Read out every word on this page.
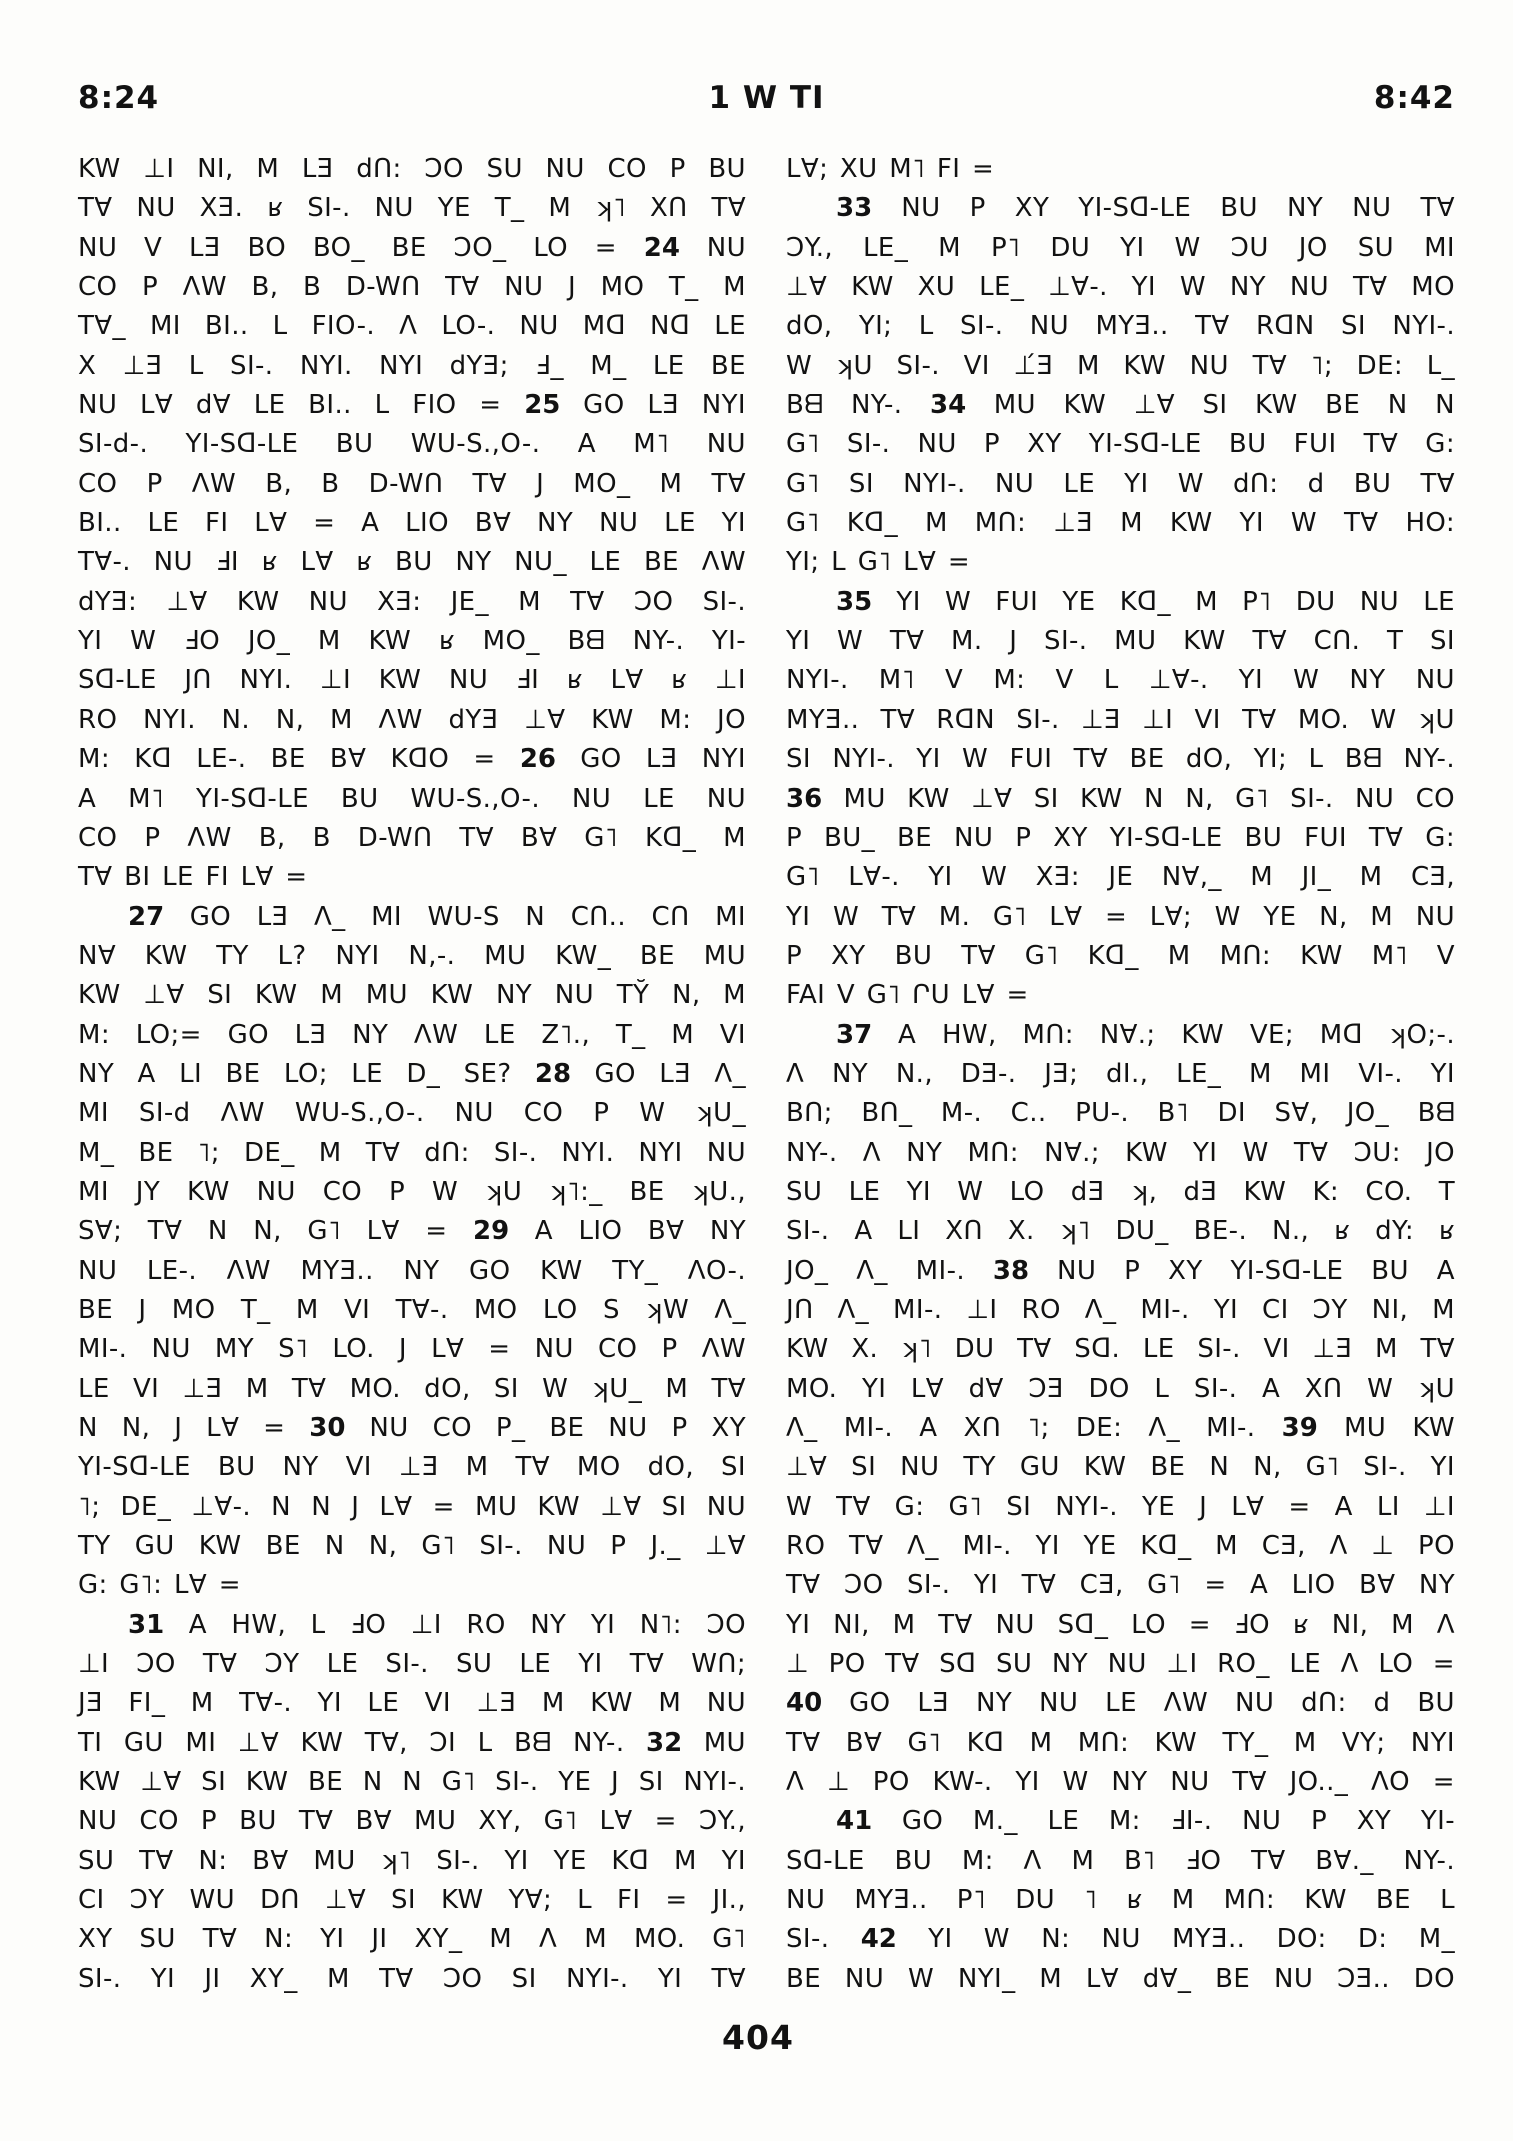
8:24	1 W TI	8:42
KW ⊥I NI, M LƎ dՈ: ƆO SU NU CO P BU
T∀ NU XƎ. ʁ SI-. NU YE T_ M ʞ˥ XՈ T∀
NU V LƎ BO BO_ BE ƆO_ LO = 24 NU
CO P ΛW B, B D-WՈ T∀ NU J MO T_ M
T∀_ MI BI.. L FIO-. Λ LO-. NU Mᗡ Nᗡ LE
X ⊥Ǝ L SI-. NYI. NYI dYƎ; Ⅎ_ M_ LE BE
NU L∀ d∀ LE BI.. L FIO = 25 GO LƎ NYI
SI-d-. YI-Sᗡ-LE BU WU-S.,O-. A M˥ NU
CO P ΛW B, B D-WՈ T∀ J MO_ M T∀
BI.. LE FI L∀ = A LIO B∀ NY NU LE YI
T∀-. NU ℲI ʁ L∀ ʁ BU NY NU_ LE BE ΛW
dYƎ: ⊥∀ KW NU XƎ: JE_ M T∀ ƆO SI-.
YI W ℲO JO_ M KW ʁ MO_ Bᗺ NY-. YI-
Sᗡ-LE JՈ NYI. ⊥I KW NU ℲI ʁ L∀ ʁ ⊥I
RO NYI. N. N, M ΛW dYƎ ⊥∀ KW M: JO
M: Kᗡ LE-. BE B∀ KᗡO = 26 GO LƎ NYI
A M˥ YI-Sᗡ-LE BU WU-S.,O-. NU LE NU
CO P ΛW B, B D-WՈ T∀ B∀ G˥ Kᗡ_ M
T∀ BI LE FI L∀ =
27 GO LƎ Λ_ MI WU-S N CՈ.. CՈ MI
N∀ KW TY L? NYI N,-. MU KW_ BE MU
KW ⊥∀ SI KW M MU KW NY NU TY̆ N, M
M: LO;= GO LƎ NY ΛW LE Z˥., T_ M VI
NY A LI BE LO; LE D_ SE? 28 GO LƎ Λ_
MI SI-d ΛW WU-S.,O-. NU CO P W ʞU_
M_ BE ˥; DE_ M T∀ dՈ: SI-. NYI. NYI NU
MI JY KW NU CO P W ʞU ʞ˥:_ BE ʞU.,
S∀; T∀ N N, G˥ L∀ = 29 A LIO B∀ NY
NU LE-. ΛW MYƎ.. NY GO KW TY_ ΛO-.
BE J MO T_ M VI T∀-. MO LO S ʞW Λ_
MI-. NU MY S˥ LO. J L∀ = NU CO P ΛW
LE VI ⊥Ǝ M T∀ MO. dO, SI W ʞU_ M T∀
N N, J L∀ = 30 NU CO P_ BE NU P XY
YI-Sᗡ-LE BU NY VI ⊥Ǝ M T∀ MO dO, SI
˥; DE_ ⊥∀-. N N J L∀ = MU KW ⊥∀ SI NU
TY GU KW BE N N, G˥ SI-. NU P J._ ⊥∀
G: G˥: L∀ =
31 A HW, L ℲO ⊥I RO NY YI N˥: ƆO
⊥I ƆO T∀ ƆY LE SI-. SU LE YI T∀ WՈ;
JƎ FI_ M T∀-. YI LE VI ⊥Ǝ M KW M NU
TI GU MI ⊥∀ KW T∀, ƆI L Bᗺ NY-. 32 MU
KW ⊥∀ SI KW BE N N G˥ SI-. YE J SI NYI-.
NU CO P BU T∀ B∀ MU XY, G˥ L∀ = ƆY.,
SU T∀ N: B∀ MU ʞ˥ SI-. YI YE Kᗡ M YI
CI ƆY WU DՈ ⊥∀ SI KW Y∀; L FI = JI.,
XY SU T∀ N: YI JI XY_ M Λ M MO. G˥
SI-. YI JI XY_ M T∀ ƆO SI NYI-. YI T∀
L∀; XU M˥ FI =
33 NU P XY YI-Sᗡ-LE BU NY NU T∀
ƆY., LE_ M P˥ DU YI W ƆU JO SU MI
⊥∀ KW XU LE_ ⊥∀-. YI W NY NU T∀ MO
dO, YI; L SI-. NU MYƎ.. T∀ RᗡN SI NYI-.
W ʞU SI-. VI ⊥́Ǝ M KW NU T∀ ˥; DE: L_
Bᗺ NY-. 34 MU KW ⊥∀ SI KW BE N N
G˥ SI-. NU P XY YI-Sᗡ-LE BU FUI T∀ G:
G˥ SI NYI-. NU LE YI W dՈ: d BU T∀
G˥ Kᗡ_ M MՈ: ⊥Ǝ M KW YI W T∀ HO:
YI; L G˥ L∀ =
35 YI W FUI YE Kᗡ_ M P˥ DU NU LE
YI W T∀ M. J SI-. MU KW T∀ CՈ. T SI
NYI-. M˥ V M: V L ⊥∀-. YI W NY NU
MYƎ.. T∀ RᗡN SI-. ⊥Ǝ ⊥I VI T∀ MO. W ʞU
SI NYI-. YI W FUI T∀ BE dO, YI; L Bᗺ NY-.
36 MU KW ⊥∀ SI KW N N, G˥ SI-. NU CO
P BU_ BE NU P XY YI-Sᗡ-LE BU FUI T∀ G:
G˥ L∀-. YI W XƎ: JE N∀,_ M JI_ M CƎ,
YI W T∀ M. G˥ L∀ = L∀; W YE N, M NU
P XY BU T∀ G˥ Kᗡ_ M MՈ: KW M˥ V
FAI V G˥ ՐU L∀ =
37 A HW, MՈ: N∀.; KW VE; Mᗡ ʞO;-.
Λ NY N., DƎ-. JƎ; dI., LE_ M MI VI-. YI
BՈ; BՈ_ M-. C.. PU-. B˥ DI S∀, JO_ Bᗺ
NY-. Λ NY MՈ: N∀.; KW YI W T∀ ƆU: JO
SU LE YI W LO dƎ ʞ, dƎ KW K: CO. T
SI-. A LI XՈ X. ʞ˥ DU_ BE-. N., ʁ dY: ʁ
JO_ Λ_ MI-. 38 NU P XY YI-Sᗡ-LE BU A
JՈ Λ_ MI-. ⊥I RO Λ_ MI-. YI CI ƆY NI, M
KW X. ʞ˥ DU T∀ Sᗡ. LE SI-. VI ⊥Ǝ M T∀
MO. YI L∀ d∀ ƆƎ DO L SI-. A XՈ W ʞU
Λ_ MI-. A XՈ ˥; DE: Λ_ MI-. 39 MU KW
⊥∀ SI NU TY GU KW BE N N, G˥ SI-. YI
W T∀ G: G˥ SI NYI-. YE J L∀ = A LI ⊥I
RO T∀ Λ_ MI-. YI YE Kᗡ_ M CƎ, Λ ⊥ PO
T∀ ƆO SI-. YI T∀ CƎ, G˥ = A LIO B∀ NY
YI NI, M T∀ NU Sᗡ_ LO = ℲO ʁ NI, M Λ
⊥ PO T∀ Sᗡ SU NY NU ⊥I RO_ LE Λ LO =
40 GO LƎ NY NU LE ΛW NU dՈ: d BU
T∀ B∀ G˥ Kᗡ M MՈ: KW TY_ M VY; NYI
Λ ⊥ PO KW-. YI W NY NU T∀ JO.._ ΛO =
41 GO M._ LE M: ℲI-. NU P XY YI-
Sᗡ-LE BU M: Λ M B˥ ℲO T∀ B∀._ NY-.
NU MYƎ.. P˥ DU ˥ ʁ M MՈ: KW BE L
SI-. 42 YI W N: NU MYƎ.. DO: D: M_
BE NU W NYI_ M L∀ d∀_ BE NU ƆƎ.. DO
404
